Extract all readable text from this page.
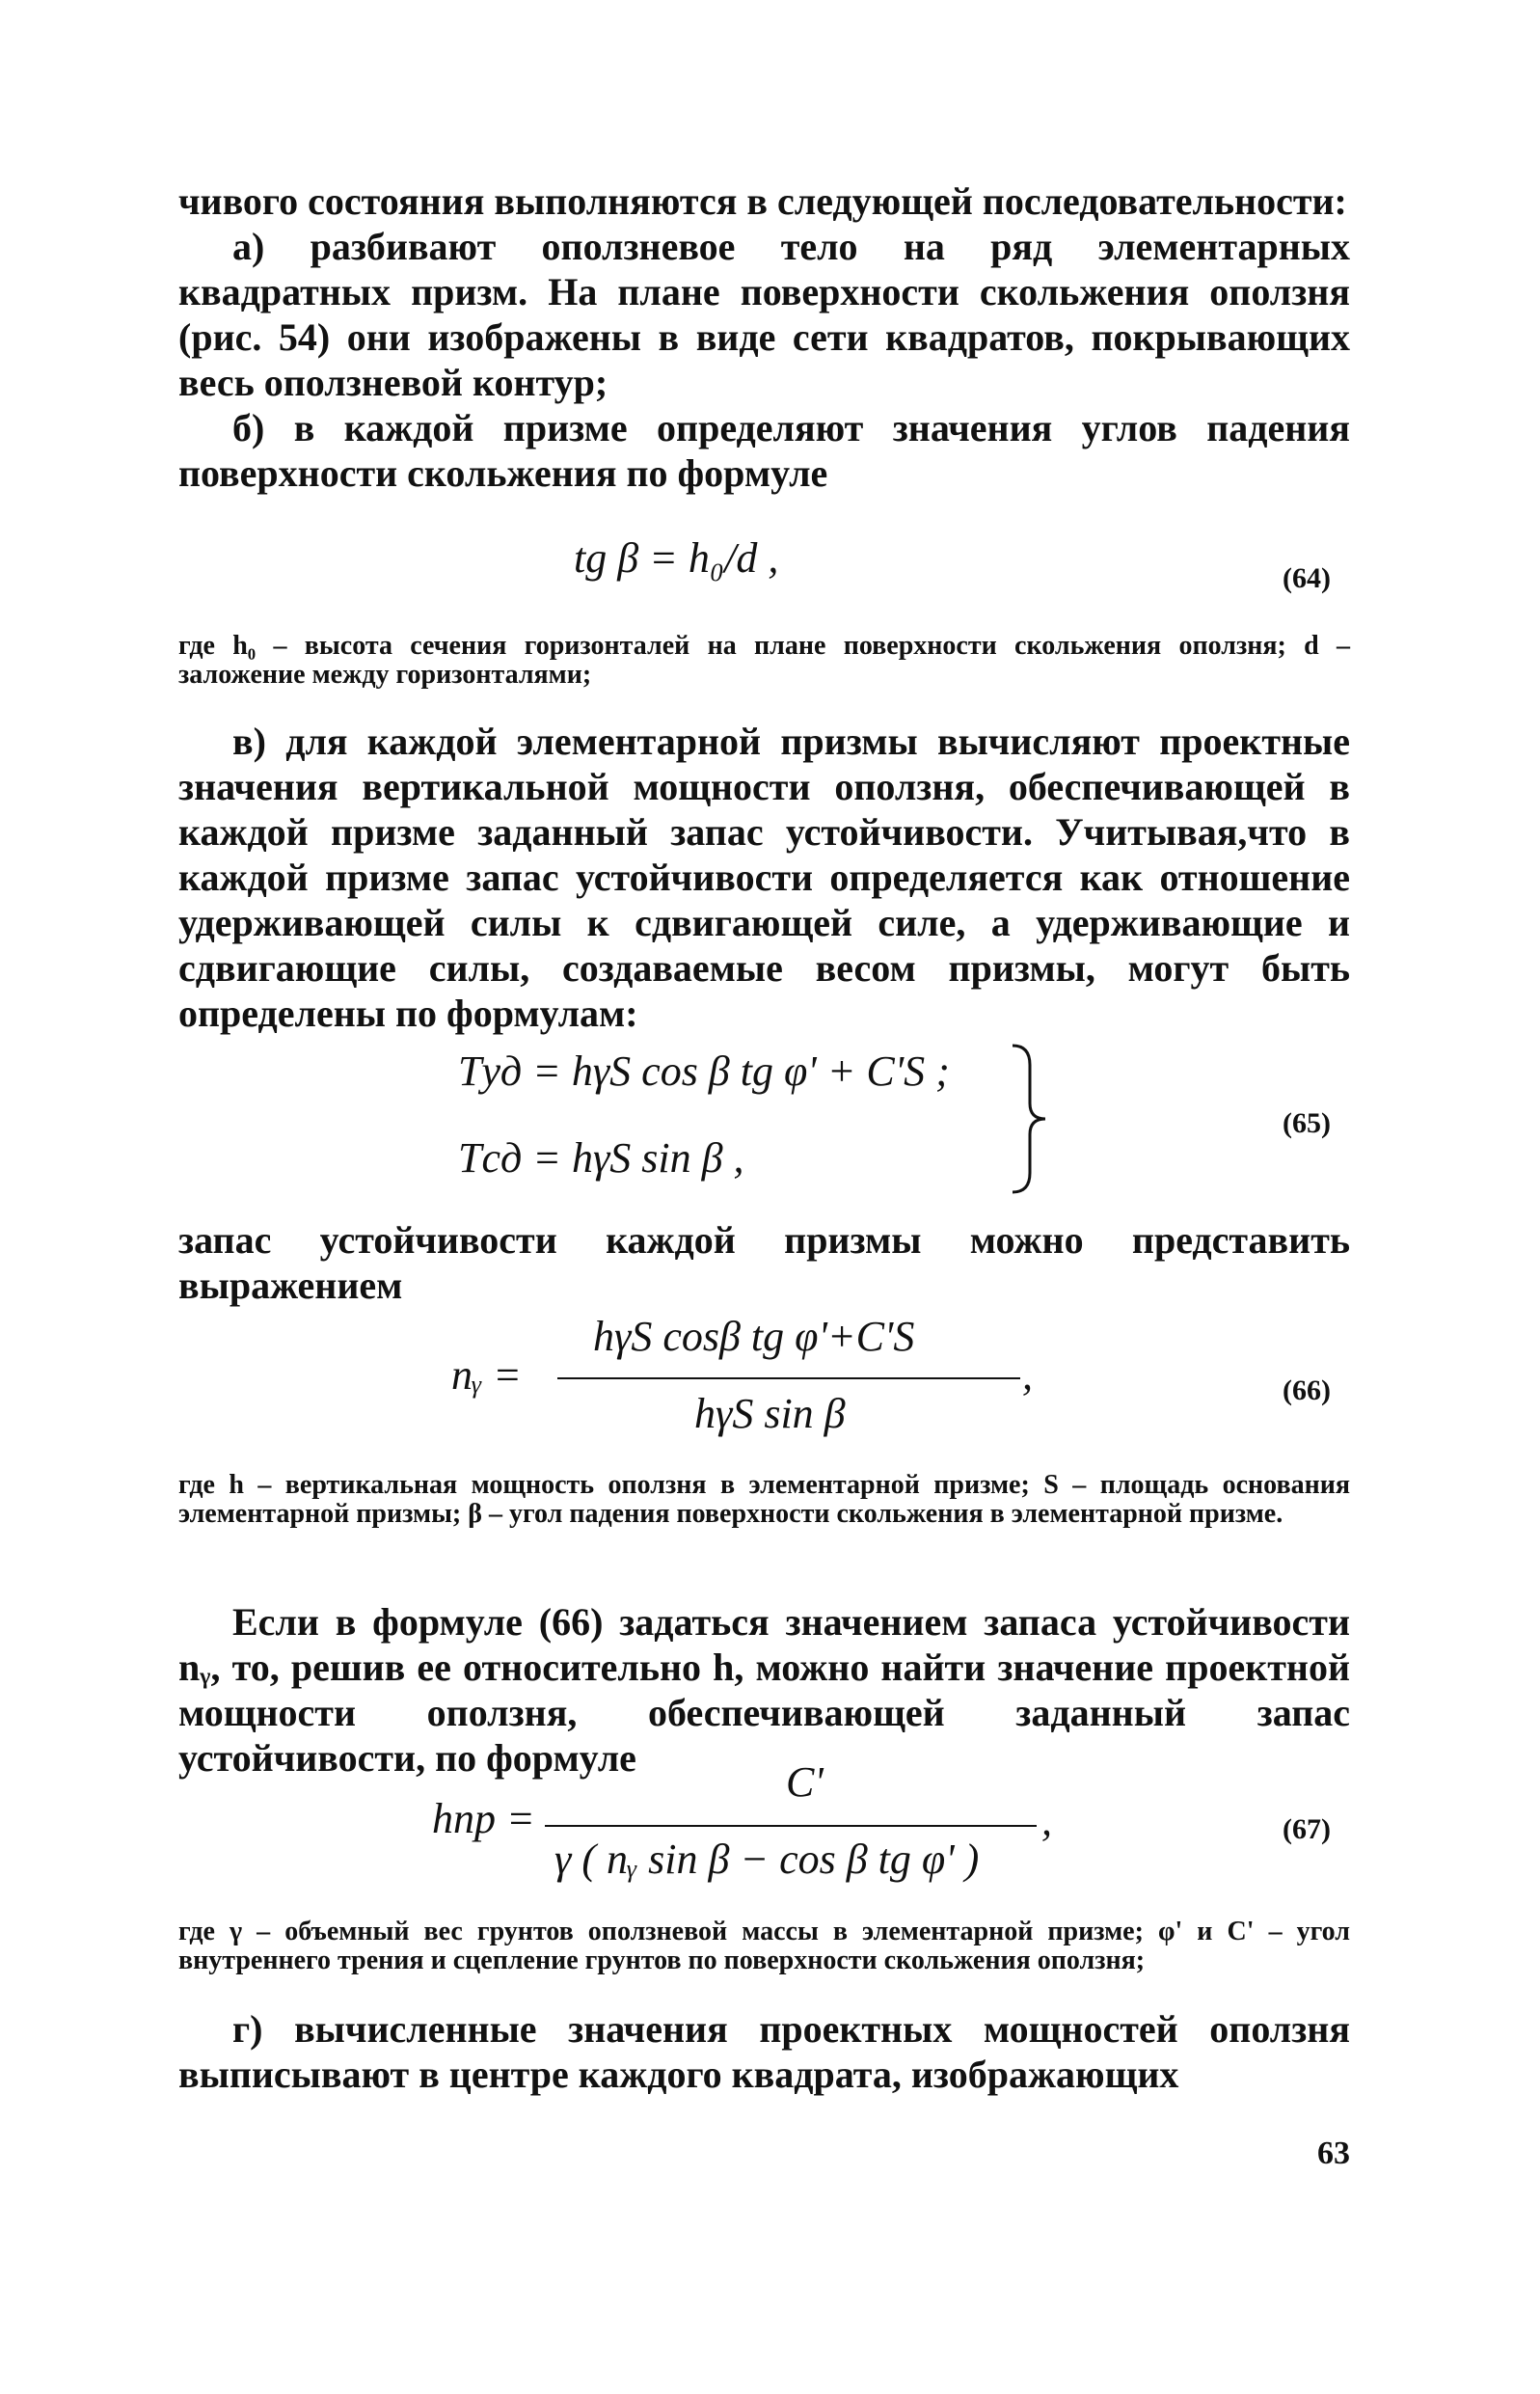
чивого состояния выполняются в следующей последовательности:

а) разбивают оползневое тело на ряд элементарных квадратных призм. На плане поверхности скольжения оползня (рис. 54) они изображены в виде сети квадратов, покрывающих весь оползневой контур;

б) в каждой призме определяют значения углов падения поверхности скольжения по формуле

tg β = h₀/d ,	(64)
где h₀ – высота сечения горизонталей на плане поверхности скольжения оползня; d – заложение между горизонталями;

в) для каждой элементарной призмы вычисляют проектные значения вертикальной мощности оползня, обеспечивающей в каждой призме заданный запас устойчивости. Учитывая,что в каждой призме запас устойчивости определяется как отношение удерживающей силы к сдвигающей силе, а удерживающие и сдвигающие силы, создаваемые весом призмы, могут быть определены по формулам:

Tуд = hγS cos β tg φ' + C'S ;
Tсд = hγS sin β ,
(65)

запас устойчивости каждой призмы можно представить выражением

nᵧ =
hγS cosβ tg φ'+C'S
hγS sin β
,	(66)
где h – вертикальная мощность оползня в элементарной призме; S – площадь основания элементарной призмы; β – угол падения поверхности скольжения в элементарной призме.

Если в формуле (66) задаться значением запаса устойчивости nᵧ, то, решив ее относительно h, можно найти значение проектной мощности оползня, обеспечивающей заданный запас устойчивости, по формуле

hпр =
C'
γ ( nᵧ sin β − cos β tg φ' )
,	(67)
где γ – объемный вес грунтов оползневой массы в элементарной призме; φ' и C' – угол внутреннего трения и сцепление грунтов по поверхности скольжения оползня;

г) вычисленные значения проектных мощностей оползня выписывают в центре каждого квадрата, изображающих

63
